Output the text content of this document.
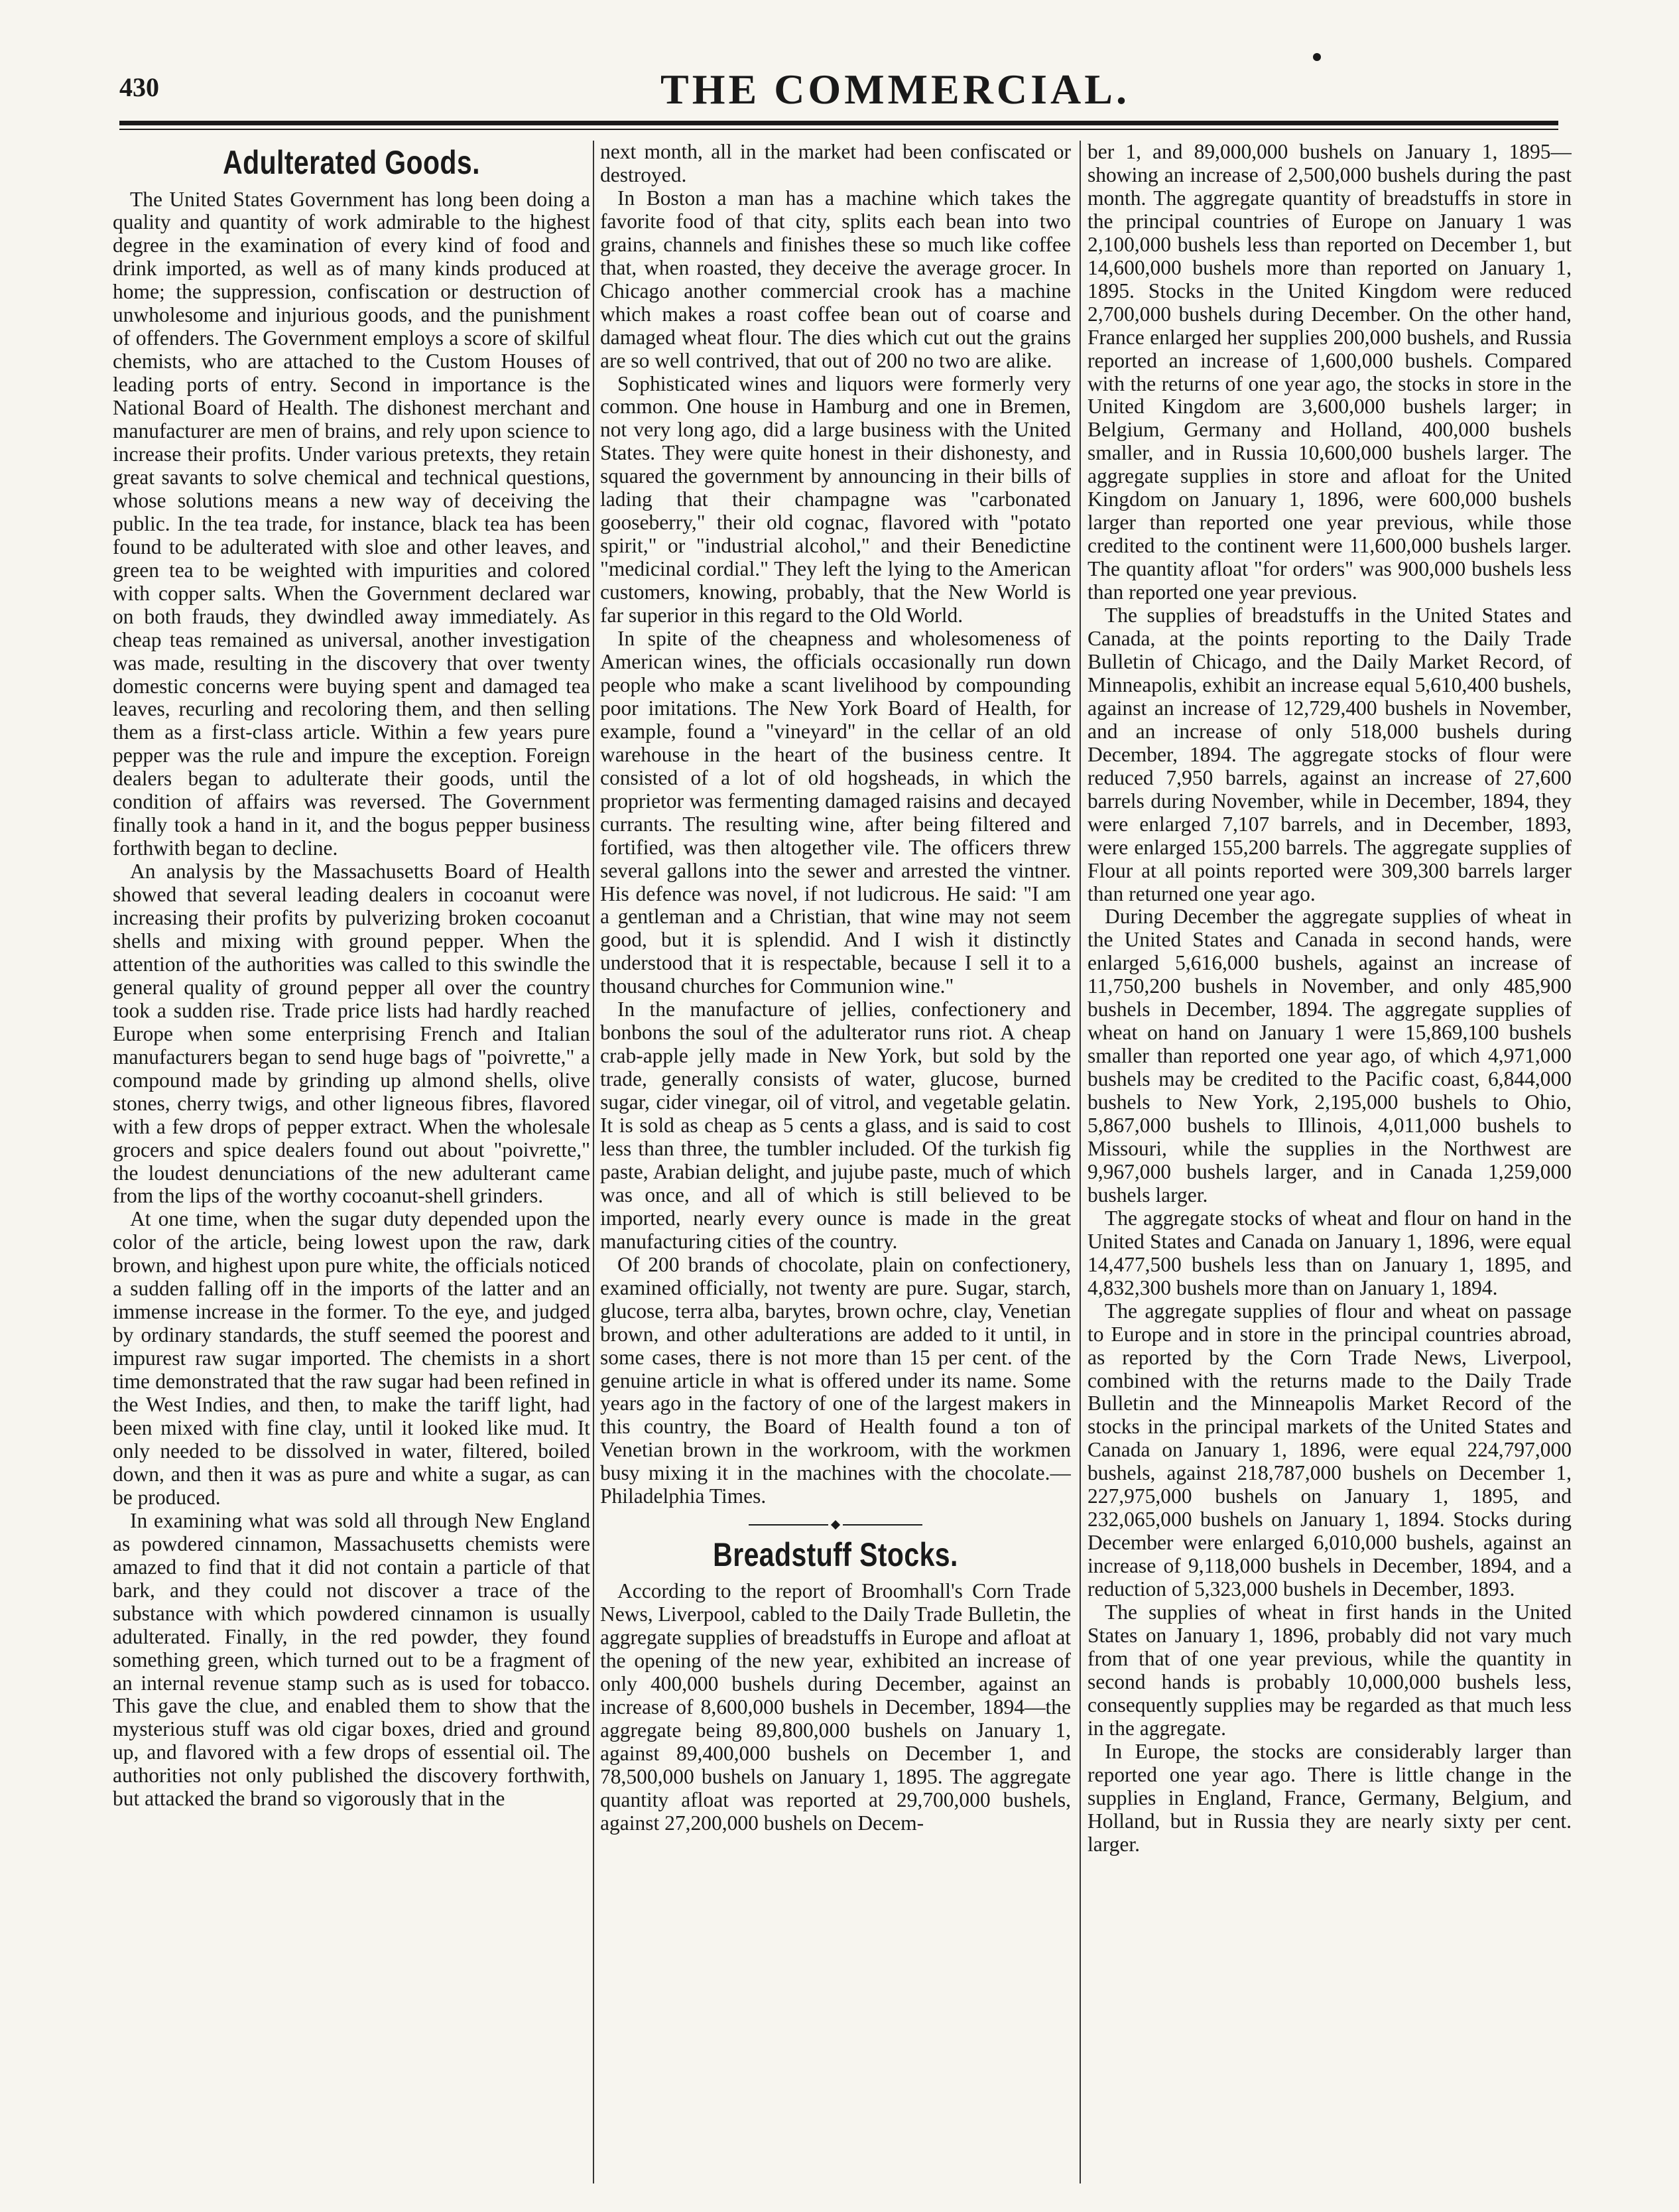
430	THE COMMERCIAL.
Adulterated Goods.

The United States Government has long been doing a quality and quantity of work admirable to the highest degree in the examination of every kind of food and drink imported, as well as of many kinds produced at home; the suppression, confiscation or destruction of unwholesome and injurious goods, and the punishment of offenders. The Government employs a score of skilful chemists, who are attached to the Custom Houses of leading ports of entry. Second in importance is the National Board of Health. The dishonest merchant and manufacturer are men of brains, and rely upon science to increase their profits. Under various pretexts, they retain great savants to solve chemical and technical questions, whose solutions means a new way of deceiving the public. In the tea trade, for instance, black tea has been found to be adulterated with sloe and other leaves, and green tea to be weighted with impurities and colored with copper salts. When the Government declared war on both frauds, they dwindled away immediately. As cheap teas remained as universal, another investigation was made, resulting in the discovery that over twenty domestic concerns were buying spent and damaged tea leaves, recurling and recoloring them, and then selling them as a first-class article. Within a few years pure pepper was the rule and impure the exception. Foreign dealers began to adulterate their goods, until the condition of affairs was reversed. The Government finally took a hand in it, and the bogus pepper business forthwith began to decline.

An analysis by the Massachusetts Board of Health showed that several leading dealers in cocoanut were increasing their profits by pulverizing broken cocoanut shells and mixing with ground pepper. When the attention of the authorities was called to this swindle the general quality of ground pepper all over the country took a sudden rise. Trade price lists had hardly reached Europe when some enterprising French and Italian manufacturers began to send huge bags of "poivrette," a compound made by grinding up almond shells, olive stones, cherry twigs, and other ligneous fibres, flavored with a few drops of pepper extract. When the wholesale grocers and spice dealers found out about "poivrette," the loudest denunciations of the new adulterant came from the lips of the worthy cocoanut-shell grinders.

At one time, when the sugar duty depended upon the color of the article, being lowest upon the raw, dark brown, and highest upon pure white, the officials noticed a sudden falling off in the imports of the latter and an immense increase in the former. To the eye, and judged by ordinary standards, the stuff seemed the poorest and impurest raw sugar imported. The chemists in a short time demonstrated that the raw sugar had been refined in the West Indies, and then, to make the tariff light, had been mixed with fine clay, until it looked like mud. It only needed to be dissolved in water, filtered, boiled down, and then it was as pure and white a sugar, as can be produced.

In examining what was sold all through New England as powdered cinnamon, Massachusetts chemists were amazed to find that it did not contain a particle of that bark, and they could not discover a trace of the substance with which powdered cinnamon is usually adulterated. Finally, in the red powder, they found something green, which turned out to be a fragment of an internal revenue stamp such as is used for tobacco. This gave the clue, and enabled them to show that the mysterious stuff was old cigar boxes, dried and ground up, and flavored with a few drops of essential oil. The authorities not only published the discovery forthwith, but attacked the brand so vigorously that in the

next month, all in the market had been confiscated or destroyed.

In Boston a man has a machine which takes the favorite food of that city, splits each bean into two grains, channels and finishes these so much like coffee that, when roasted, they deceive the average grocer. In Chicago another commercial crook has a machine which makes a roast coffee bean out of coarse and damaged wheat flour. The dies which cut out the grains are so well contrived, that out of 200 no two are alike.

Sophisticated wines and liquors were formerly very common. One house in Hamburg and one in Bremen, not very long ago, did a large business with the United States. They were quite honest in their dishonesty, and squared the government by announcing in their bills of lading that their champagne was "carbonated gooseberry," their old cognac, flavored with "potato spirit," or "industrial alcohol," and their Benedictine "medicinal cordial." They left the lying to the American customers, knowing, probably, that the New World is far superior in this regard to the Old World.

In spite of the cheapness and wholesomeness of American wines, the officials occasionally run down people who make a scant livelihood by compounding poor imitations. The New York Board of Health, for example, found a "vineyard" in the cellar of an old warehouse in the heart of the business centre. It consisted of a lot of old hogsheads, in which the proprietor was fermenting damaged raisins and decayed currants. The resulting wine, after being filtered and fortified, was then altogether vile. The officers threw several gallons into the sewer and arrested the vintner. His defence was novel, if not ludicrous. He said: "I am a gentleman and a Christian, that wine may not seem good, but it is splendid. And I wish it distinctly understood that it is respectable, because I sell it to a thousand churches for Communion wine."

In the manufacture of jellies, confectionery and bonbons the soul of the adulterator runs riot. A cheap crab-apple jelly made in New York, but sold by the trade, generally consists of water, glucose, burned sugar, cider vinegar, oil of vitrol, and vegetable gelatin. It is sold as cheap as 5 cents a glass, and is said to cost less than three, the tumbler included. Of the turkish fig paste, Arabian delight, and jujube paste, much of which was once, and all of which is still believed to be imported, nearly every ounce is made in the great manufacturing cities of the country.

Of 200 brands of chocolate, plain on confectionery, examined officially, not twenty are pure. Sugar, starch, glucose, terra alba, barytes, brown ochre, clay, Venetian brown, and other adulterations are added to it until, in some cases, there is not more than 15 per cent. of the genuine article in what is offered under its name. Some years ago in the factory of one of the largest makers in this country, the Board of Health found a ton of Venetian brown in the workroom, with the workmen busy mixing it in the machines with the chocolate.—Philadelphia Times.

Breadstuff Stocks.

According to the report of Broomhall's Corn Trade News, Liverpool, cabled to the Daily Trade Bulletin, the aggregate supplies of breadstuffs in Europe and afloat at the opening of the new year, exhibited an increase of only 400,000 bushels during December, against an increase of 8,600,000 bushels in December, 1894—the aggregate being 89,800,000 bushels on January 1, against 89,400,000 bushels on December 1, and 78,500,000 bushels on January 1, 1895. The aggregate quantity afloat was reported at 29,700,000 bushels, against 27,200,000 bushels on Decem-

ber 1, and 89,000,000 bushels on January 1, 1895—showing an increase of 2,500,000 bushels during the past month. The aggregate quantity of breadstuffs in store in the principal countries of Europe on January 1 was 2,100,000 bushels less than reported on December 1, but 14,600,000 bushels more than reported on January 1, 1895. Stocks in the United Kingdom were reduced 2,700,000 bushels during December. On the other hand, France enlarged her supplies 200,000 bushels, and Russia reported an increase of 1,600,000 bushels. Compared with the returns of one year ago, the stocks in store in the United Kingdom are 3,600,000 bushels larger; in Belgium, Germany and Holland, 400,000 bushels smaller, and in Russia 10,600,000 bushels larger. The aggregate supplies in store and afloat for the United Kingdom on January 1, 1896, were 600,000 bushels larger than reported one year previous, while those credited to the continent were 11,600,000 bushels larger. The quantity afloat "for orders" was 900,000 bushels less than reported one year previous.

The supplies of breadstuffs in the United States and Canada, at the points reporting to the Daily Trade Bulletin of Chicago, and the Daily Market Record, of Minneapolis, exhibit an increase equal 5,610,400 bushels, against an increase of 12,729,400 bushels in November, and an increase of only 518,000 bushels during December, 1894. The aggregate stocks of flour were reduced 7,950 barrels, against an increase of 27,600 barrels during November, while in December, 1894, they were enlarged 7,107 barrels, and in December, 1893, were enlarged 155,200 barrels. The aggregate supplies of Flour at all points reported were 309,300 barrels larger than returned one year ago.

During December the aggregate supplies of wheat in the United States and Canada in second hands, were enlarged 5,616,000 bushels, against an increase of 11,750,200 bushels in November, and only 485,900 bushels in December, 1894. The aggregate supplies of wheat on hand on January 1 were 15,869,100 bushels smaller than reported one year ago, of which 4,971,000 bushels may be credited to the Pacific coast, 6,844,000 bushels to New York, 2,195,000 bushels to Ohio, 5,867,000 bushels to Illinois, 4,011,000 bushels to Missouri, while the supplies in the Northwest are 9,967,000 bushels larger, and in Canada 1,259,000 bushels larger.

The aggregate stocks of wheat and flour on hand in the United States and Canada on January 1, 1896, were equal 14,477,500 bushels less than on January 1, 1895, and 4,832,300 bushels more than on January 1, 1894.

The aggregate supplies of flour and wheat on passage to Europe and in store in the principal countries abroad, as reported by the Corn Trade News, Liverpool, combined with the returns made to the Daily Trade Bulletin and the Minneapolis Market Record of the stocks in the principal markets of the United States and Canada on January 1, 1896, were equal 224,797,000 bushels, against 218,787,000 bushels on December 1, 227,975,000 bushels on January 1, 1895, and 232,065,000 bushels on January 1, 1894. Stocks during December were enlarged 6,010,000 bushels, against an increase of 9,118,000 bushels in December, 1894, and a reduction of 5,323,000 bushels in December, 1893.

The supplies of wheat in first hands in the United States on January 1, 1896, probably did not vary much from that of one year previous, while the quantity in second hands is probably 10,000,000 bushels less, consequently supplies may be regarded as that much less in the aggregate.

In Europe, the stocks are considerably larger than reported one year ago. There is little change in the supplies in England, France, Germany, Belgium, and Holland, but in Russia they are nearly sixty per cent. larger.
